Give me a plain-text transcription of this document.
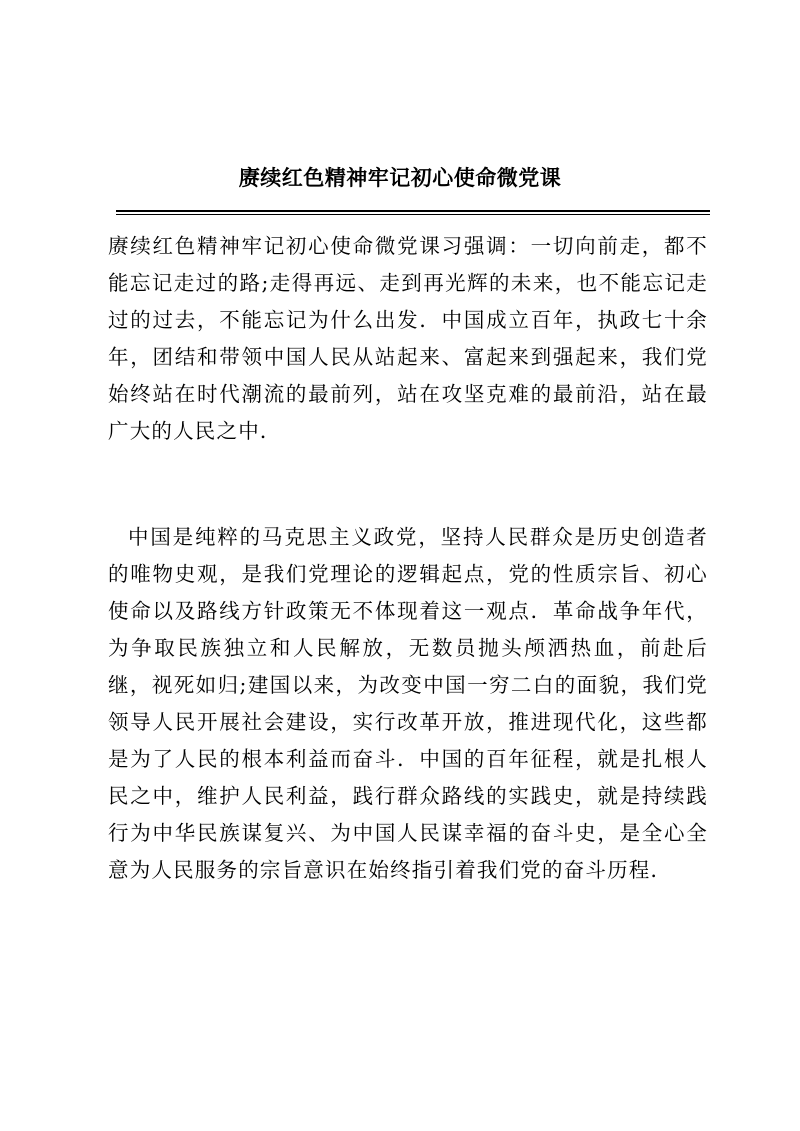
赓续红色精神牢记初心使命微党课

赓续红色精神牢记初心使命微党课习强调：一切向前走，都不能忘记走过的路;走得再远、走到再光辉的未来，也不能忘记走过的过去，不能忘记为什么出发．中国成立百年，执政七十余年，团结和带领中国人民从站起来、富起来到强起来，我们党始终站在时代潮流的最前列，站在攻坚克难的最前沿，站在最广大的人民之中．

中国是纯粹的马克思主义政党，坚持人民群众是历史创造者的唯物史观，是我们党理论的逻辑起点，党的性质宗旨、初心使命以及路线方针政策无不体现着这一观点．革命战争年代，为争取民族独立和人民解放，无数员抛头颅洒热血，前赴后继，视死如归;建国以来，为改变中国一穷二白的面貌，我们党领导人民开展社会建设，实行改革开放，推进现代化，这些都是为了人民的根本利益而奋斗．中国的百年征程，就是扎根人民之中，维护人民利益，践行群众路线的实践史，就是持续践行为中华民族谋复兴、为中国人民谋幸福的奋斗史，是全心全意为人民服务的宗旨意识在始终指引着我们党的奋斗历程．
